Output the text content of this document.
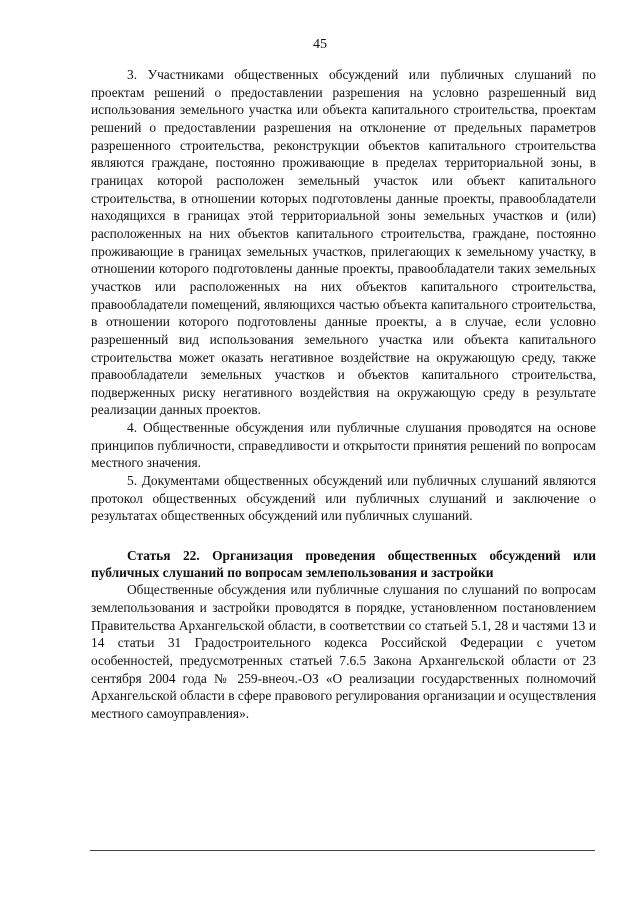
45

3. Участниками общественных обсуждений или публичных слушаний по проектам решений о предоставлении разрешения на условно разрешенный вид использования земельного участка или объекта капитального строительства, проектам решений о предоставлении разрешения на отклонение от предельных параметров разрешенного строительства, реконструкции объектов капитального строительства являются граждане, постоянно проживающие в пределах территориальной зоны, в границах которой расположен земельный участок или объект капитального строительства, в отношении которых подготовлены данные проекты, правообладатели находящихся в границах этой территориальной зоны земельных участков и (или) расположенных на них объектов капитального строительства, граждане, постоянно проживающие в границах земельных участков, прилегающих к земельному участку, в отношении которого подготовлены данные проекты, правообладатели таких земельных участков или расположенных на них объектов капитального строительства, правообладатели помещений, являющихся частью объекта капитального строительства, в отношении которого подготовлены данные проекты, а в случае, если условно разрешенный вид использования земельного участка или объекта капитального строительства может оказать негативное воздействие на окружающую среду, также правообладатели земельных участков и объектов капитального строительства, подверженных риску негативного воздействия на окружающую среду в результате реализации данных проектов.

4. Общественные обсуждения или публичные слушания проводятся на основе принципов публичности, справедливости и открытости принятия решений по вопросам местного значения.

5. Документами общественных обсуждений или публичных слушаний являются протокол общественных обсуждений или публичных слушаний и заключение о результатах общественных обсуждений или публичных слушаний.

Статья 22. Организация проведения общественных обсуждений или публичных слушаний по вопросам землепользования и застройки

Общественные обсуждения или публичные слушания по слушаний по вопросам землепользования и застройки проводятся в порядке, установленном постановлением Правительства Архангельской области, в соответствии со статьей 5.1, 28 и частями 13 и 14 статьи 31 Градостроительного кодекса Российской Федерации с учетом особенностей, предусмотренных статьей 7.6.5 Закона Архангельской области от 23 сентября 2004 года № 259-внеоч.-ОЗ «О реализации государственных полномочий Архангельской области в сфере правового регулирования организации и осуществления местного самоуправления».
